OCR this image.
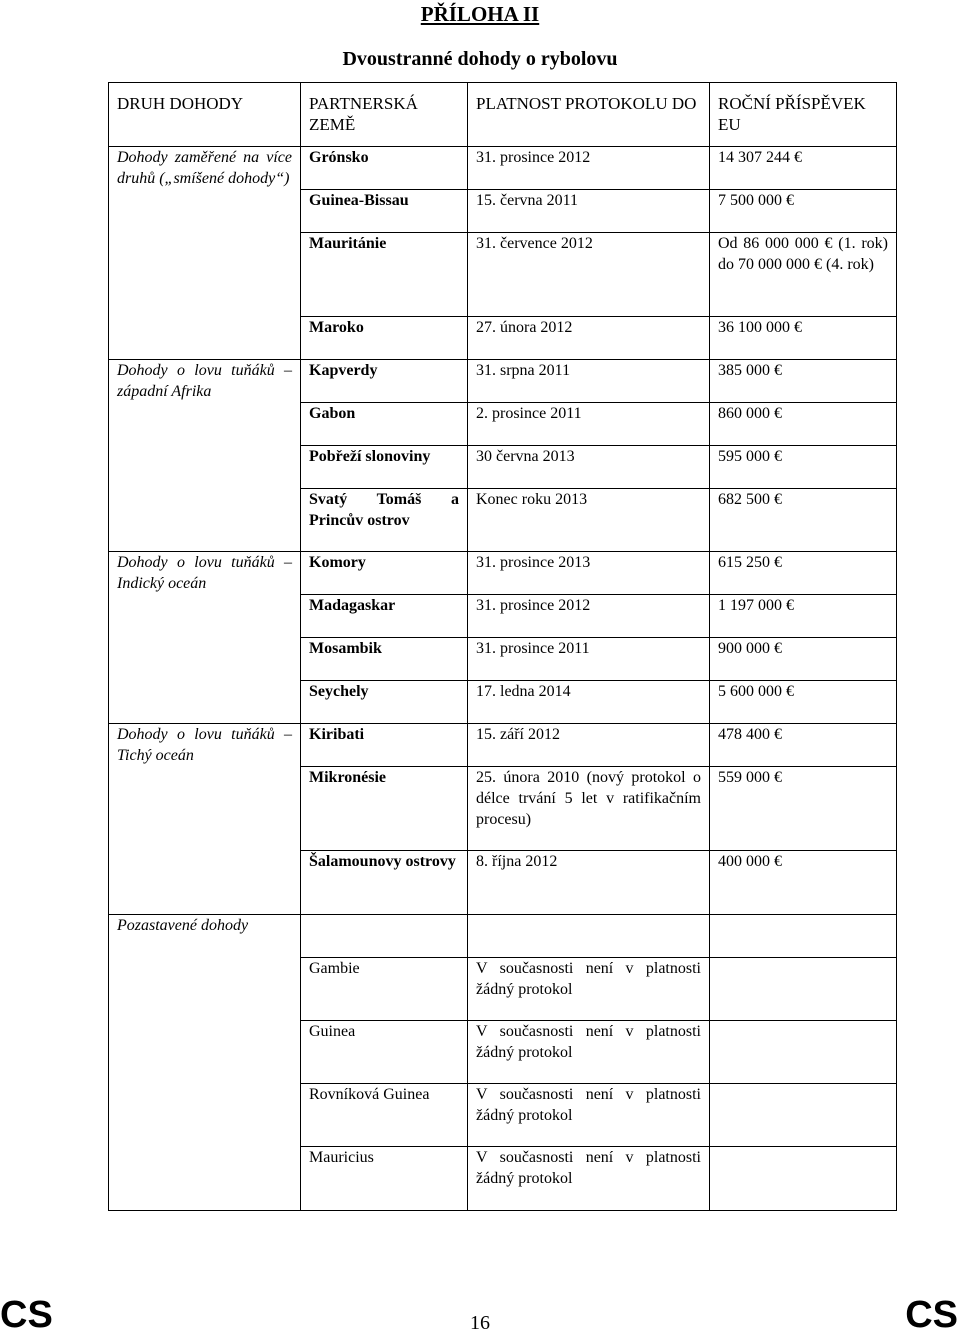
PŘÍLOHA II
Dvoustranné dohody o rybolovu
DRUH DOHODY	PARTNERSKÁ ZEMĚ	PLATNOST PROTOKOLU DO	ROČNÍ PŘÍSPĚVEK EU
Dohody zaměřené na více druhů („smíšené dohody“)	Grónsko	31. prosince 2012	14 307 244 €
	Guinea-Bissau	15. června 2011	7 500 000 €
	Mauritánie	31. července 2012	Od 86 000 000 € (1. rok) do 70 000 000 € (4. rok)
	Maroko	27. února 2012	36 100 000 €
Dohody o lovu tuňáků – západní Afrika	Kapverdy	31. srpna 2011	385 000 €
	Gabon	2. prosince 2011	860 000 €
	Pobřeží slonoviny	30 června 2013	595 000 €
	Svatý Tomáš a Princův ostrov	Konec roku 2013	682 500 €
Dohody o lovu tuňáků – Indický oceán	Komory	31. prosince 2013	615 250 €
	Madagaskar	31. prosince 2012	1 197 000 €
	Mosambik	31. prosince 2011	900 000 €
	Seychely	17. ledna 2014	5 600 000 €
Dohody o lovu tuňáků – Tichý oceán	Kiribati	15. září 2012	478 400 €
	Mikronésie	25. února 2010 (nový protokol o délce trvání 5 let v ratifikačním procesu)	559 000 €
	Šalamounovy ostrovy	8. října 2012	400 000 €
Pozastavené dohody			
	Gambie	V současnosti není v platnosti žádný protokol	
	Guinea	V současnosti není v platnosti žádný protokol	
	Rovníková Guinea	V současnosti není v platnosti žádný protokol	
	Mauricius	V současnosti není v platnosti žádný protokol	
CS	16	CS
